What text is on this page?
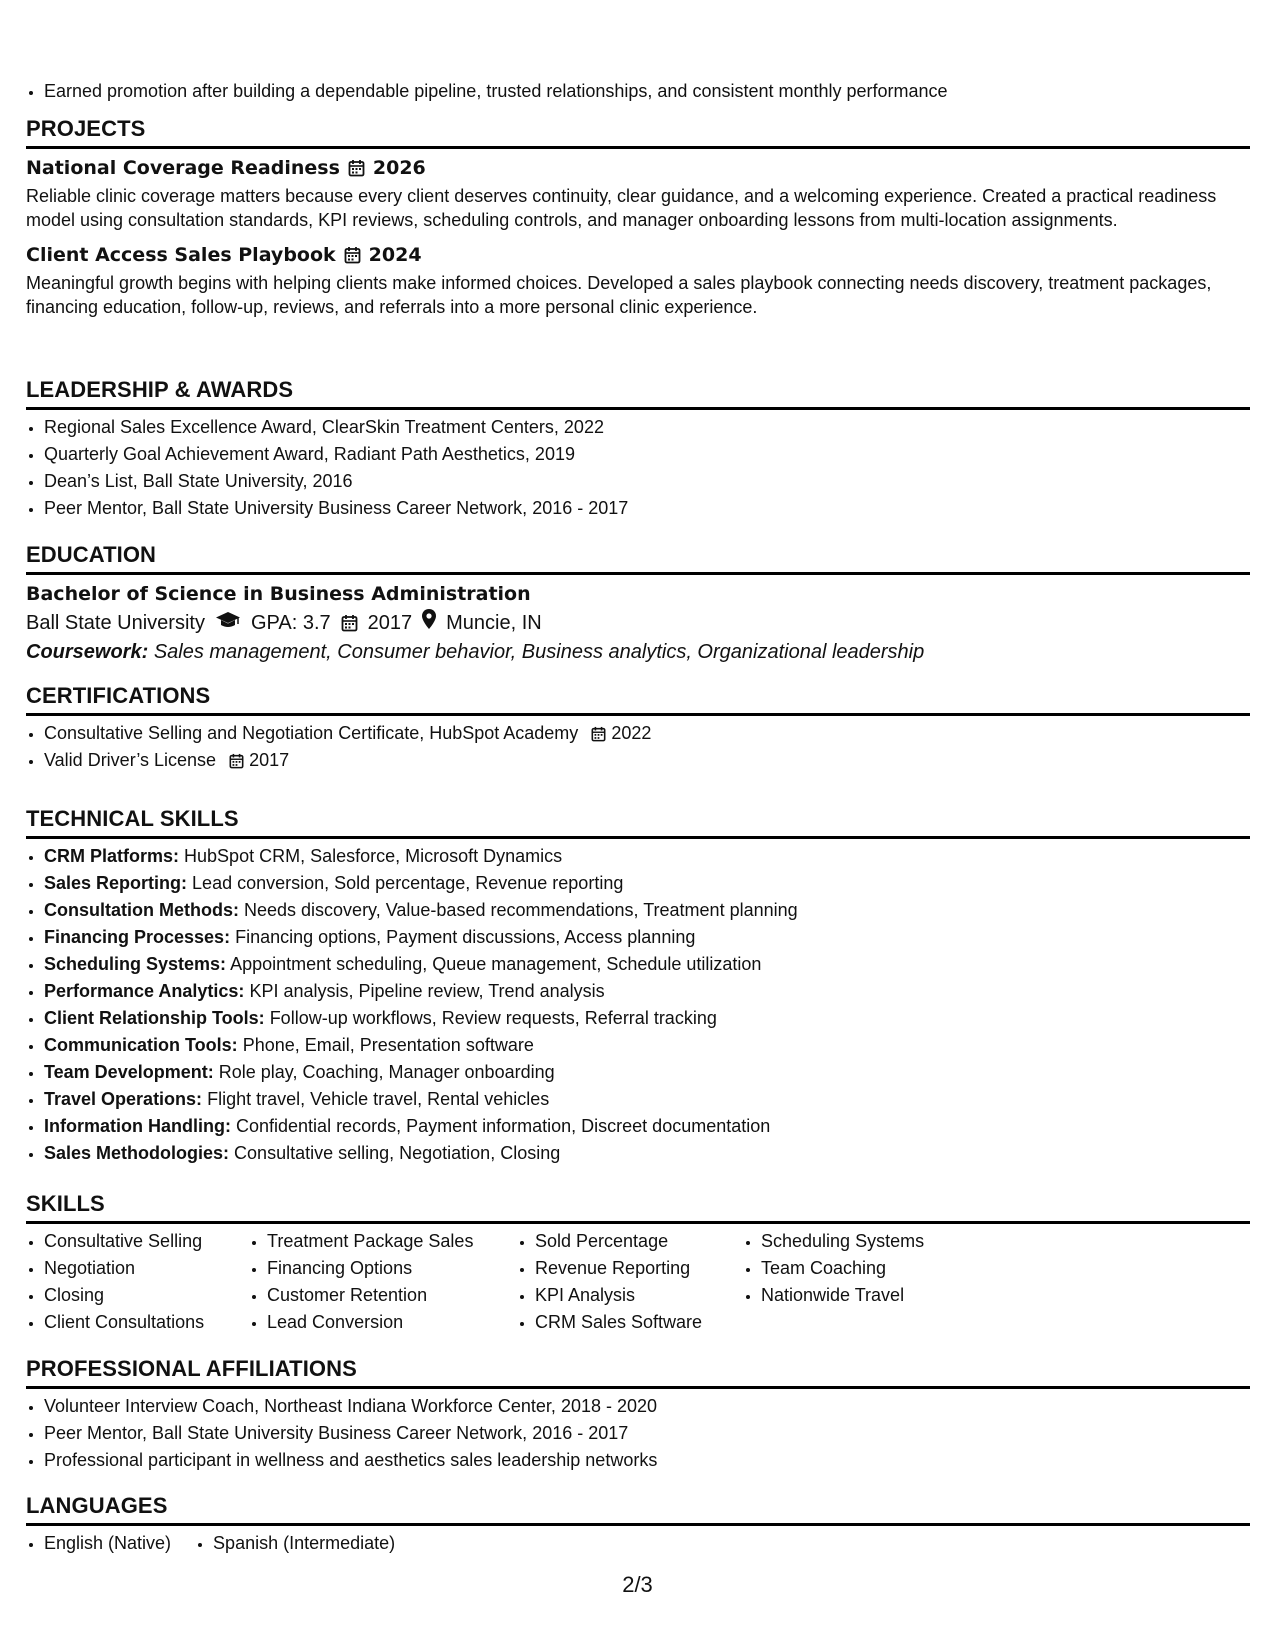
• Earned promotion after building a dependable pipeline, trusted relationships, and consistent monthly performance
PROJECTS
National Coverage Readiness 2026
Reliable clinic coverage matters because every client deserves continuity, clear guidance, and a welcoming experience. Created a practical readiness model using consultation standards, KPI reviews, scheduling controls, and manager onboarding lessons from multi-location assignments.
Client Access Sales Playbook 2024
Meaningful growth begins with helping clients make informed choices. Developed a sales playbook connecting needs discovery, treatment packages, financing education, follow-up, reviews, and referrals into a more personal clinic experience.
LEADERSHIP & AWARDS
• Regional Sales Excellence Award, ClearSkin Treatment Centers, 2022
• Quarterly Goal Achievement Award, Radiant Path Aesthetics, 2019
• Dean’s List, Ball State University, 2016
• Peer Mentor, Ball State University Business Career Network, 2016 - 2017
EDUCATION
Bachelor of Science in Business Administration
Ball State University GPA: 3.7 2017 Muncie, IN
Coursework: Sales management, Consumer behavior, Business analytics, Organizational leadership
CERTIFICATIONS
• Consultative Selling and Negotiation Certificate, HubSpot Academy 2022
• Valid Driver’s License 2017
TECHNICAL SKILLS
• CRM Platforms: HubSpot CRM, Salesforce, Microsoft Dynamics
• Sales Reporting: Lead conversion, Sold percentage, Revenue reporting
• Consultation Methods: Needs discovery, Value-based recommendations, Treatment planning
• Financing Processes: Financing options, Payment discussions, Access planning
• Scheduling Systems: Appointment scheduling, Queue management, Schedule utilization
• Performance Analytics: KPI analysis, Pipeline review, Trend analysis
• Client Relationship Tools: Follow-up workflows, Review requests, Referral tracking
• Communication Tools: Phone, Email, Presentation software
• Team Development: Role play, Coaching, Manager onboarding
• Travel Operations: Flight travel, Vehicle travel, Rental vehicles
• Information Handling: Confidential records, Payment information, Discreet documentation
• Sales Methodologies: Consultative selling, Negotiation, Closing
SKILLS
• Consultative Selling
• Negotiation
• Closing
• Client Consultations
• Treatment Package Sales
• Financing Options
• Customer Retention
• Lead Conversion
• Sold Percentage
• Revenue Reporting
• KPI Analysis
• CRM Sales Software
• Scheduling Systems
• Team Coaching
• Nationwide Travel
PROFESSIONAL AFFILIATIONS
• Volunteer Interview Coach, Northeast Indiana Workforce Center, 2018 - 2020
• Peer Mentor, Ball State University Business Career Network, 2016 - 2017
• Professional participant in wellness and aesthetics sales leadership networks
LANGUAGES
• English (Native)
• Spanish (Intermediate)
2/3
